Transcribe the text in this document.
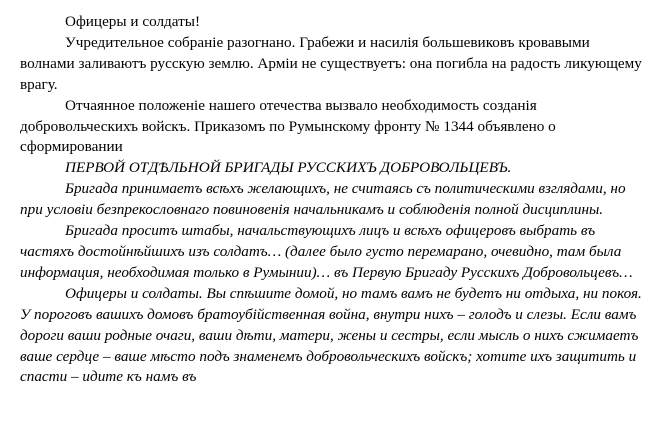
Офицеры и солдаты!

Учредительное собранiе разогнано. Грабежи и насилiя большевиковъ кровавыми волнами заливаютъ русскую землю. Армiи не существуетъ: она погибла на радость ликующему врагу.

Отчаянное положенiе нашего отечества вызвало необходимость созданiя добровольческихъ войскъ. Приказомъ по Румынскому фронту № 1344 объявлено о сформировании

ПЕРВОЙ ОТДѢЛЬНОЙ БРИГАДЫ РУССКИХЪ ДОБРОВОЛЬЦЕВЪ.

Бригада принимаетъ всѣхъ желающихъ, не считаясь съ политическими взглядами, но при условiи безпрекословнаго повиновенiя начальникамъ и соблюденiя полной дисциплины.

Бригада проситъ штабы, начальствующихъ лицъ и всѣхъ офицеровъ выбрать въ частяхъ достойнѣйшихъ изъ солдатъ… (далее было густо перемарано, очевидно, там была информация, необходимая только в Румынии)… въ Первую Бригаду Русскихъ Добровольцевъ…

Офицеры и солдаты. Вы спѣшите домой, но тамъ вамъ не будетъ ни отдыха, ни покоя. У пороговъ вашихъ домовъ братоубiйственная война, внутри нихъ – голодъ и слезы. Если вамъ дороги ваши родные очаги, ваши дѣти, матери, жены и сестры, если мысль о нихъ сжимаетъ ваше сердце – ваше мѣсто подъ знаменемъ добровольческихъ войскъ; хотите ихъ защитить и спасти – идите къ намъ въ
